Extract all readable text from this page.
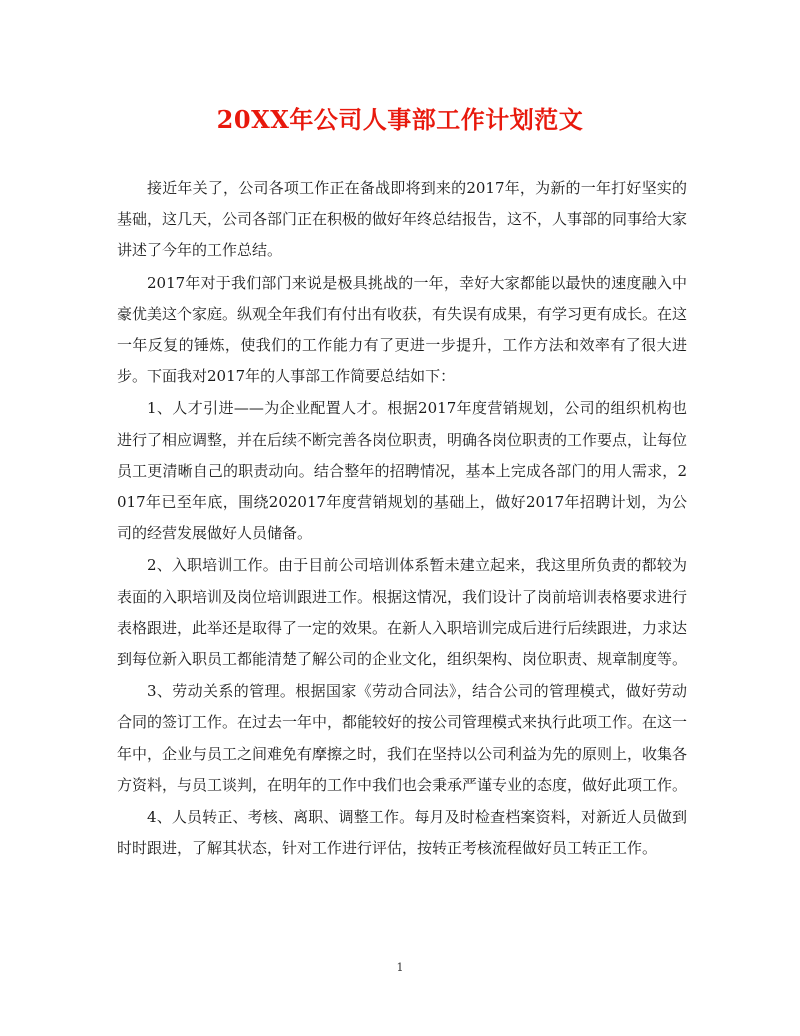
20XX年公司人事部工作计划范文

接近年关了，公司各项工作正在备战即将到来的2017年，为新的一年打好坚实的基础，这几天，公司各部门正在积极的做好年终总结报告，这不，人事部的同事给大家讲述了今年的工作总结。

2017年对于我们部门来说是极具挑战的一年，幸好大家都能以最快的速度融入中豪优美这个家庭。纵观全年我们有付出有收获，有失误有成果，有学习更有成长。在这一年反复的锤炼，使我们的工作能力有了更进一步提升，工作方法和效率有了很大进步。下面我对2017年的人事部工作简要总结如下：

1、人才引进——为企业配置人才。根据2017年度营销规划，公司的组织机构也进行了相应调整，并在后续不断完善各岗位职责，明确各岗位职责的工作要点，让每位员工更清晰自己的职责动向。结合整年的招聘情况，基本上完成各部门的用人需求，2017年已至年底，围绕202017年度营销规划的基础上，做好2017年招聘计划，为公司的经营发展做好人员储备。

2、入职培训工作。由于目前公司培训体系暂未建立起来，我这里所负责的都较为表面的入职培训及岗位培训跟进工作。根据这情况，我们设计了岗前培训表格要求进行表格跟进，此举还是取得了一定的效果。在新人入职培训完成后进行后续跟进，力求达到每位新入职员工都能清楚了解公司的企业文化，组织架构、岗位职责、规章制度等。

3、劳动关系的管理。根据国家《劳动合同法》，结合公司的管理模式，做好劳动合同的签订工作。在过去一年中，都能较好的按公司管理模式来执行此项工作。在这一年中，企业与员工之间难免有摩擦之时，我们在坚持以公司利益为先的原则上，收集各方资料，与员工谈判，在明年的工作中我们也会秉承严谨专业的态度，做好此项工作。

4、人员转正、考核、离职、调整工作。每月及时检查档案资料，对新近人员做到时时跟进，了解其状态，针对工作进行评估，按转正考核流程做好员工转正工作。

1
